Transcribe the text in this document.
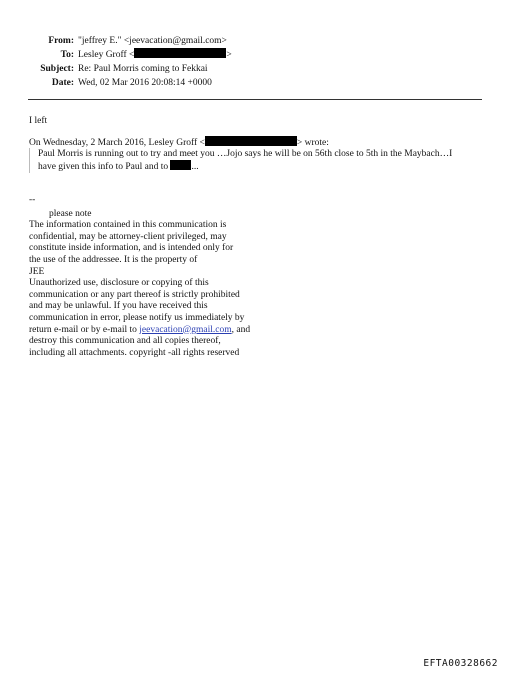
From: "jeffrey E." <jeevacation@gmail.com>
To: Lesley Groff <	>
Subject: Re: Paul Morris coming to Fekkai
Date: Wed, 02 Mar 2016 20:08:14 +0000
I left
On Wednesday, 2 March 2016, Lesley Groff <	> wrote:
Paul Morris is running out to try and meet you …Jojo says he will be on 56th close to 5th in the Maybach…I
have given this info to Paul and to ...
--
please note
The information contained in this communication is
confidential, may be attorney-client privileged, may
constitute inside information, and is intended only for
the use of the addressee. It is the property of
JEE
Unauthorized use, disclosure or copying of this
communication or any part thereof is strictly prohibited
and may be unlawful. If you have received this
communication in error, please notify us immediately by
return e-mail or by e-mail to jeevacation@gmail.com, and
destroy this communication and all copies thereof,
including all attachments. copyright -all rights reserved
EFTA00328662
